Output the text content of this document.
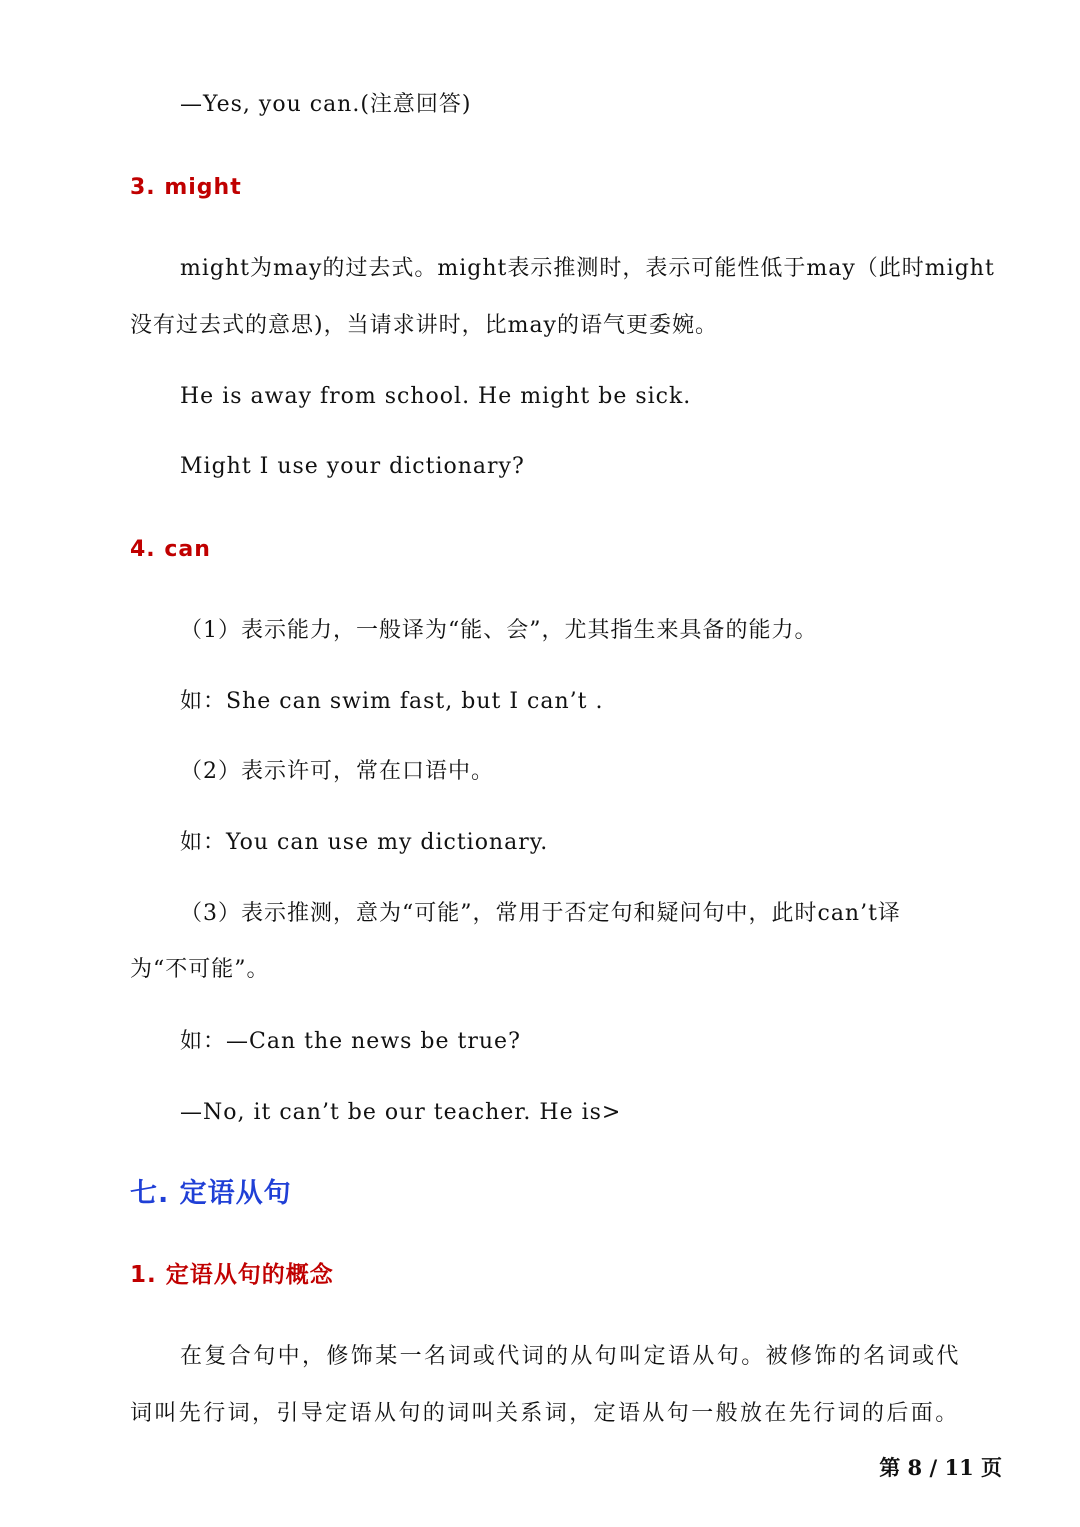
—Yes, you can.(注意回答)
3. might
might为may的过去式。might表示推测时，表示可能性低于may（此时might
没有过去式的意思)，当请求讲时，比may的语气更委婉。
He is away from school. He might be sick.
Might I use your dictionary?
4. can
（1）表示能力，一般译为“能、会”，尤其指生来具备的能力。
如：She can swim fast, but I can’t .
（2）表示许可，常在口语中。
如：You can use my dictionary.
（3）表示推测，意为“可能”，常用于否定句和疑问句中，此时can’t译
为“不可能”。
如：—Can the news be true?
—No, it can’t be our teacher. He is>
七. 定语从句
1. 定语从句的概念
在复合句中，修饰某一名词或代词的从句叫定语从句。被修饰的名词或代
词叫先行词，引导定语从句的词叫关系词，定语从句一般放在先行词的后面。
第 8 / 11 页
